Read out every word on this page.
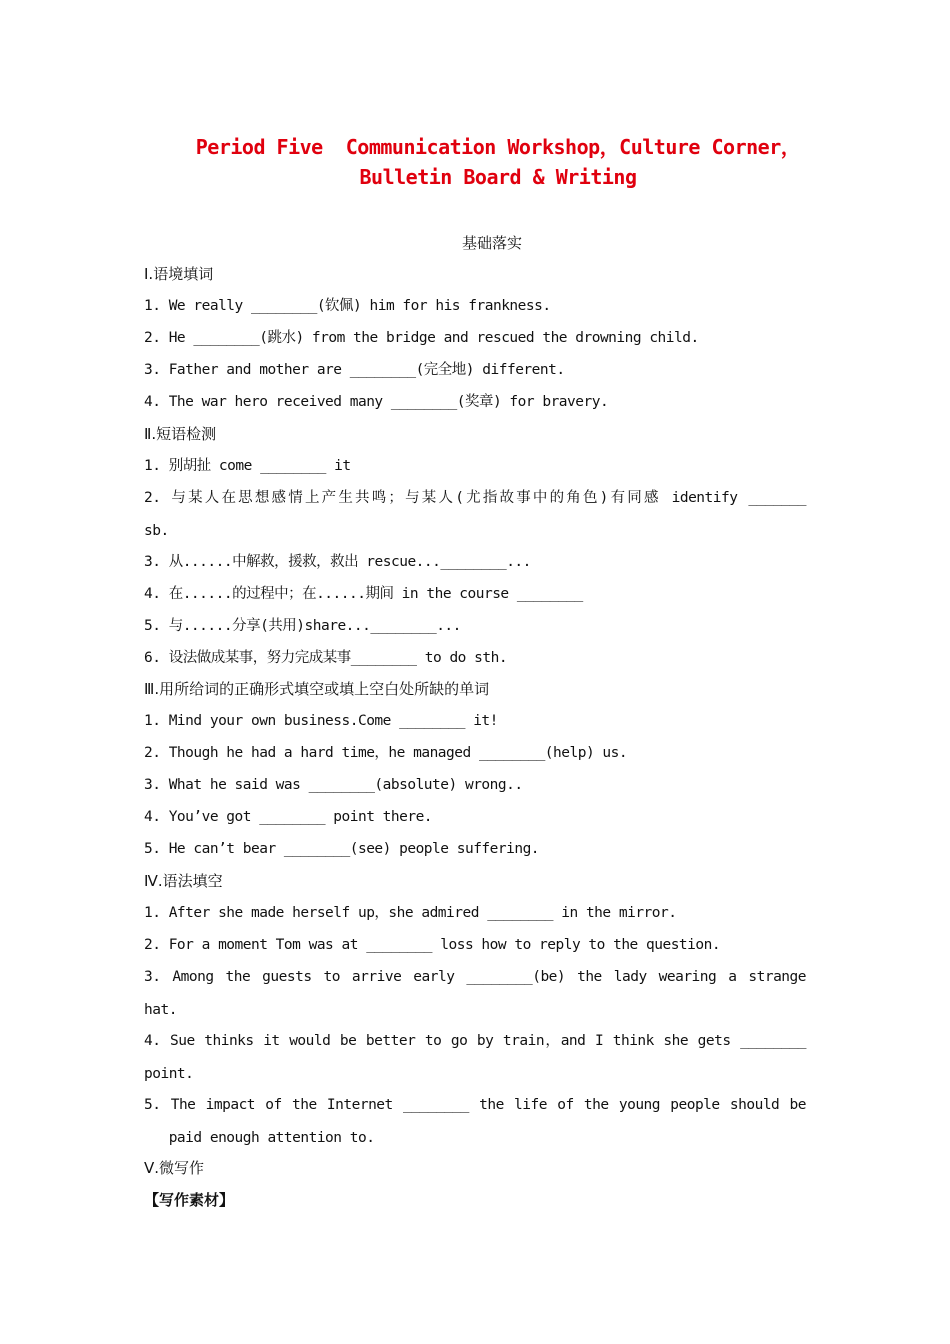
Period Five  Communication Workshop，Culture Corner，
Bulletin Board & Writing
基础落实
Ⅰ.语境填词
1. We really ________(钦佩) him for his frankness.
2. He ________(跳水) from the bridge and rescued the drowning child.
3. Father and mother are ________(完全地) different.
4. The war hero received many ________(奖章) for bravery.
Ⅱ.短语检测
1. 别胡扯 come ________ it
2. 与某人在思想感情上产生共鸣；与某人(尤指故事中的角色)有同感 identify _______
sb.
3. 从......中解救，援救，救出 rescue...________...
4. 在......的过程中；在......期间 in the course ________
5. 与......分享(共用)share...________...
6. 设法做成某事，努力完成某事________ to do sth.
Ⅲ.用所给词的正确形式填空或填上空白处所缺的单词
1. Mind your own business.Come ________ it!
2. Though he had a hard time，he managed ________(help) us.
3. What he said was ________(absolute) wrong..
4. You’ve got ________ point there.
5. He can’t bear ________(see) people suffering.
Ⅳ.语法填空
1. After she made herself up，she admired ________ in the mirror.
2. For a moment Tom was at ________ loss how to reply to the question.
3. Among the guests to arrive early ________(be) the lady wearing a strange
hat.
4. Sue thinks it would be better to go by train，and I think she gets ________
point.
5. The impact of the Internet ________ the life of the young people should be
paid enough attention to.
Ⅴ.微写作
【写作素材】
